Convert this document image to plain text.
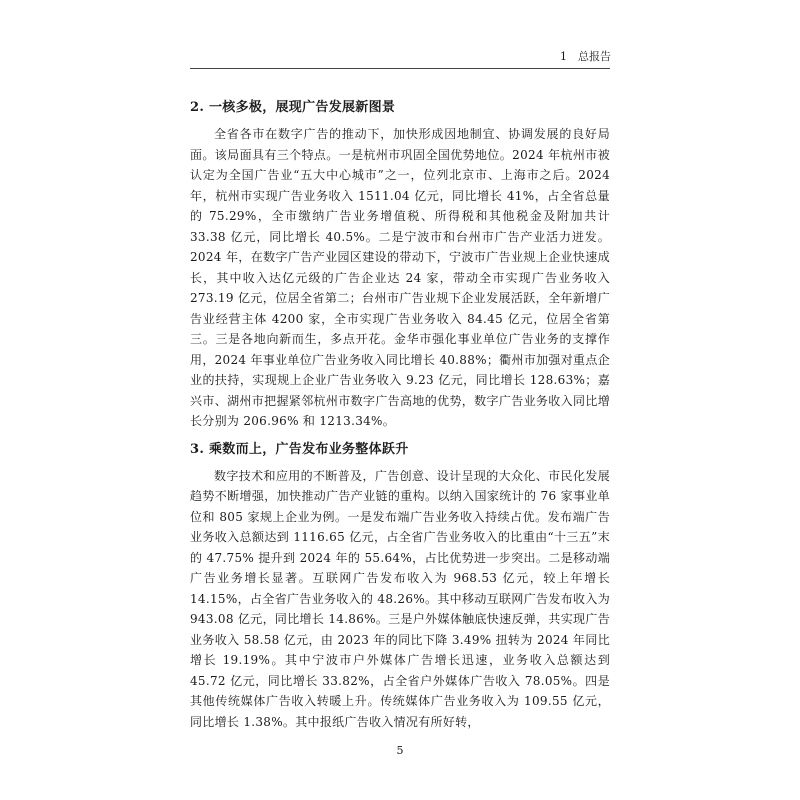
1　总报告
2. 一核多极，展现广告发展新图景

全省各市在数字广告的推动下，加快形成因地制宜、协调发展的良好局面。该局面具有三个特点。一是杭州市巩固全国优势地位。2024 年杭州市被认定为全国广告业“五大中心城市”之一，位列北京市、上海市之后。2024 年，杭州市实现广告业务收入 1511.04 亿元，同比增长 41%，占全省总量的 75.29%，全市缴纳广告业务增值税、所得税和其他税金及附加共计 33.38 亿元，同比增长 40.5%。二是宁波市和台州市广告产业活力迸发。2024 年，在数字广告产业园区建设的带动下，宁波市广告业规上企业快速成长，其中收入达亿元级的广告企业达 24 家，带动全市实现广告业务收入 273.19 亿元，位居全省第二；台州市广告业规下企业发展活跃，全年新增广告业经营主体 4200 家，全市实现广告业务收入 84.45 亿元，位居全省第三。三是各地向新而生，多点开花。金华市强化事业单位广告业务的支撑作用，2024 年事业单位广告业务收入同比增长 40.88%；衢州市加强对重点企业的扶持，实现规上企业广告业务收入 9.23 亿元，同比增长 128.63%；嘉兴市、湖州市把握紧邻杭州市数字广告高地的优势，数字广告业务收入同比增长分别为 206.96% 和 1213.34%。

3. 乘数而上，广告发布业务整体跃升

数字技术和应用的不断普及，广告创意、设计呈现的大众化、市民化发展趋势不断增强，加快推动广告产业链的重构。以纳入国家统计的 76 家事业单位和 805 家规上企业为例。一是发布端广告业务收入持续占优。发布端广告业务收入总额达到 1116.65 亿元，占全省广告业务收入的比重由“十三五”末的 47.75% 提升到 2024 年的 55.64%，占比优势进一步突出。二是移动端广告业务增长显著。互联网广告发布收入为 968.53 亿元，较上年增长 14.15%，占全省广告业务收入的 48.26%。其中移动互联网广告发布收入为 943.08 亿元，同比增长 14.86%。三是户外媒体触底快速反弹，共实现广告业务收入 58.58 亿元，由 2023 年的同比下降 3.49% 扭转为 2024 年同比增长 19.19%。其中宁波市户外媒体广告增长迅速，业务收入总额达到 45.72 亿元，同比增长 33.82%，占全省户外媒体广告收入 78.05%。四是其他传统媒体广告收入转暖上升。传统媒体广告业务收入为 109.55 亿元，同比增长 1.38%。其中报纸广告收入情况有所好转，

5
